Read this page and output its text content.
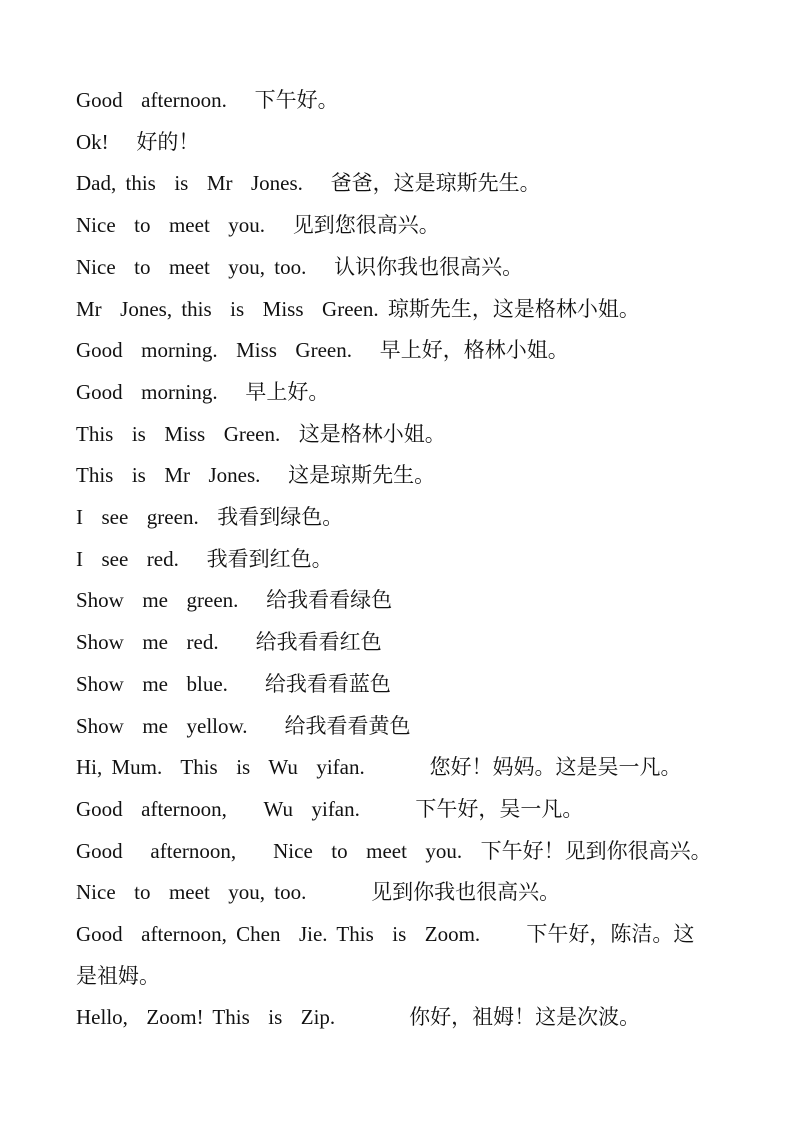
Good  afternoon.   下午好。
Ok!   好的！
Dad, this  is  Mr  Jones.   爸爸，这是琼斯先生。
Nice  to  meet  you.   见到您很高兴。
Nice  to  meet  you, too.   认识你我也很高兴。
Mr  Jones, this  is  Miss  Green. 琼斯先生，这是格林小姐。
Good  morning.  Miss  Green.   早上好，格林小姐。
Good  morning.   早上好。
This  is  Miss  Green.  这是格林小姐。
This  is  Mr  Jones.   这是琼斯先生。
I  see  green.  我看到绿色。
I  see  red.   我看到红色。
Show  me  green.   给我看看绿色
Show  me  red.    给我看看红色
Show  me  blue.    给我看看蓝色
Show  me  yellow.    给我看看黄色
Hi, Mum.  This  is  Wu  yifan.       您好！妈妈。这是吴一凡。
Good  afternoon,    Wu  yifan.      下午好，吴一凡。
Good   afternoon,    Nice  to  meet  you.  下午好！见到你很高兴。
Nice  to  meet  you, too.       见到你我也很高兴。
Good  afternoon, Chen  Jie. This  is  Zoom.     下午好，陈洁。这
是祖姆。
Hello,  Zoom! This  is  Zip.        你好，祖姆！这是次波。
